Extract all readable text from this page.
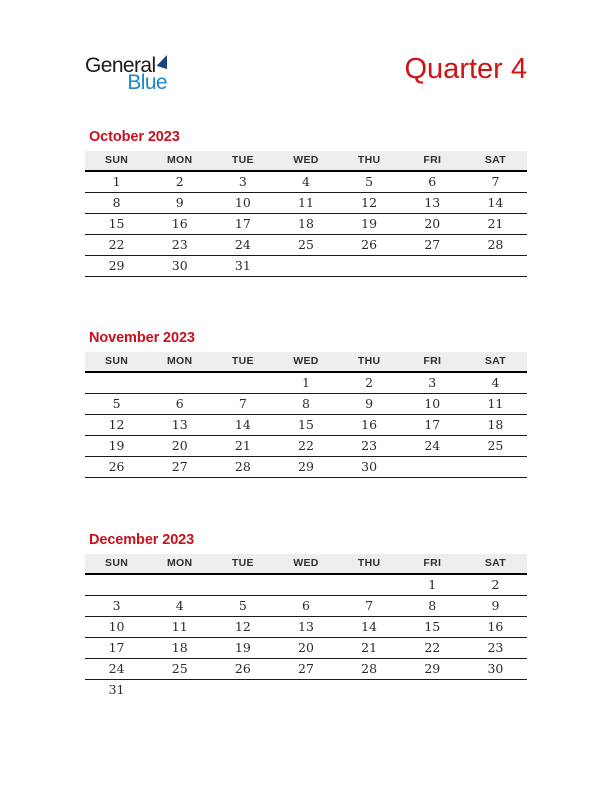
General
Blue	Quarter 4
October 2023
SUN	MON	TUE	WED	THU	FRI	SAT
1	2	3	4	5	6	7
8	9	10	11	12	13	14
15	16	17	18	19	20	21
22	23	24	25	26	27	28
29	30	31				
November 2023
SUN	MON	TUE	WED	THU	FRI	SAT
			1	2	3	4
5	6	7	8	9	10	11
12	13	14	15	16	17	18
19	20	21	22	23	24	25
26	27	28	29	30		
December 2023
SUN	MON	TUE	WED	THU	FRI	SAT
					1	2
3	4	5	6	7	8	9
10	11	12	13	14	15	16
17	18	19	20	21	22	23
24	25	26	27	28	29	30
31						
